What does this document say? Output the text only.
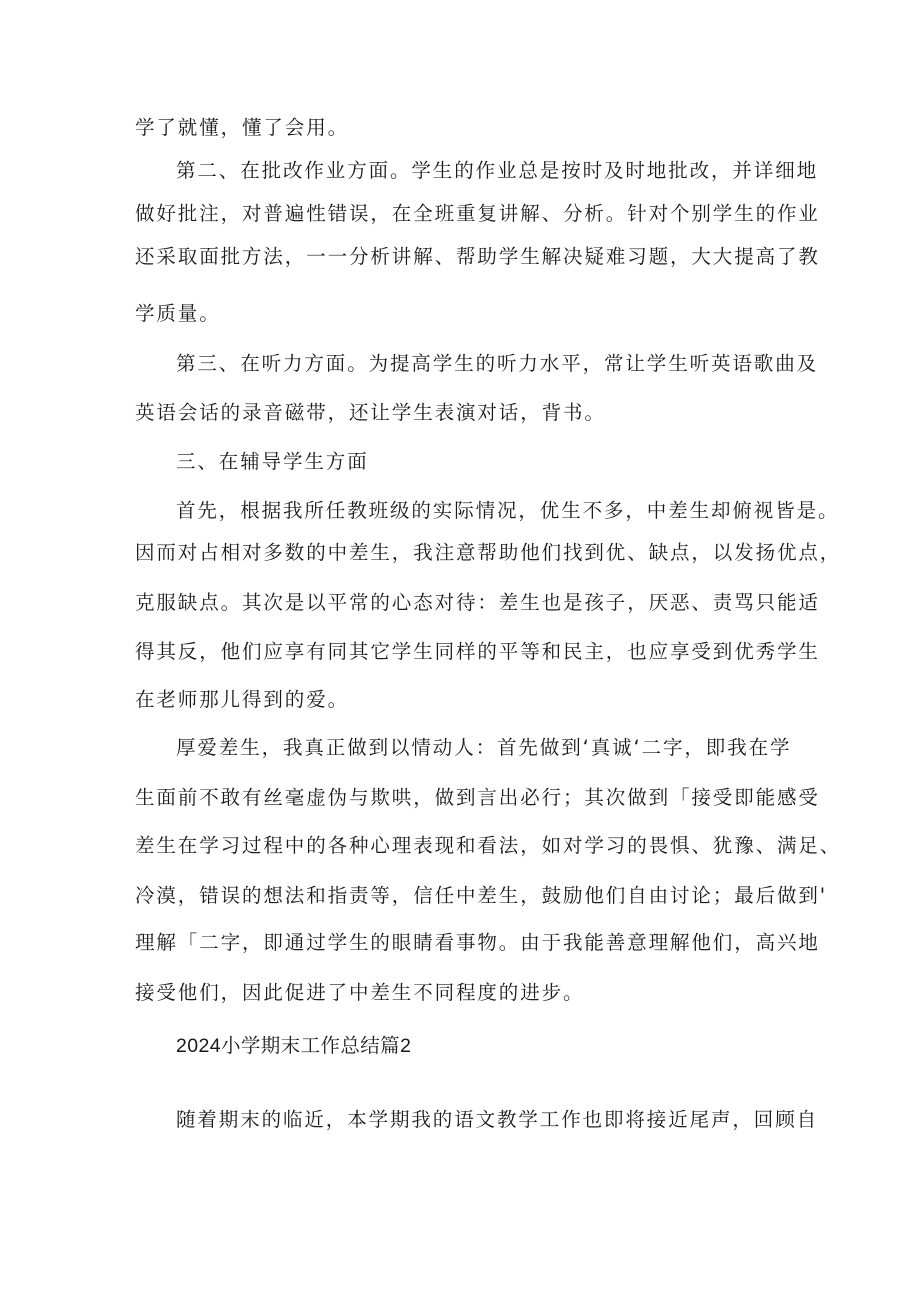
学了就懂，懂了会用。
第二、在批改作业方面。学生的作业总是按时及时地批改，并详细地
做好批注，对普遍性错误，在全班重复讲解、分析。针对个别学生的作业
还采取面批方法，一一分析讲解、帮助学生解决疑难习题，大大提高了教
学质量。
第三、在听力方面。为提高学生的听力水平，常让学生听英语歌曲及
英语会话的录音磁带，还让学生表演对话，背书。
三、在辅导学生方面
首先，根据我所任教班级的实际情况，优生不多，中差生却俯视皆是。
因而对占相对多数的中差生，我注意帮助他们找到优、缺点，以发扬优点，
克服缺点。其次是以平常的心态对待：差生也是孩子，厌恶、责骂只能适
得其反，他们应享有同其它学生同样的平等和民主，也应享受到优秀学生
在老师那儿得到的爱。
厚爱差生，我真正做到以情动人：首先做到‘真诚‘二字，即我在学
生面前不敢有丝毫虚伪与欺哄，做到言出必行；其次做到「接受即能感受
差生在学习过程中的各种心理表现和看法，如对学习的畏惧、犹豫、满足、
冷漠，错误的想法和指责等，信任中差生，鼓励他们自由讨论；最后做到'
理解「二字，即通过学生的眼睛看事物。由于我能善意理解他们，高兴地
接受他们，因此促进了中差生不同程度的进步。
2024小学期末工作总结篇2
随着期末的临近，本学期我的语文教学工作也即将接近尾声，回顾自
